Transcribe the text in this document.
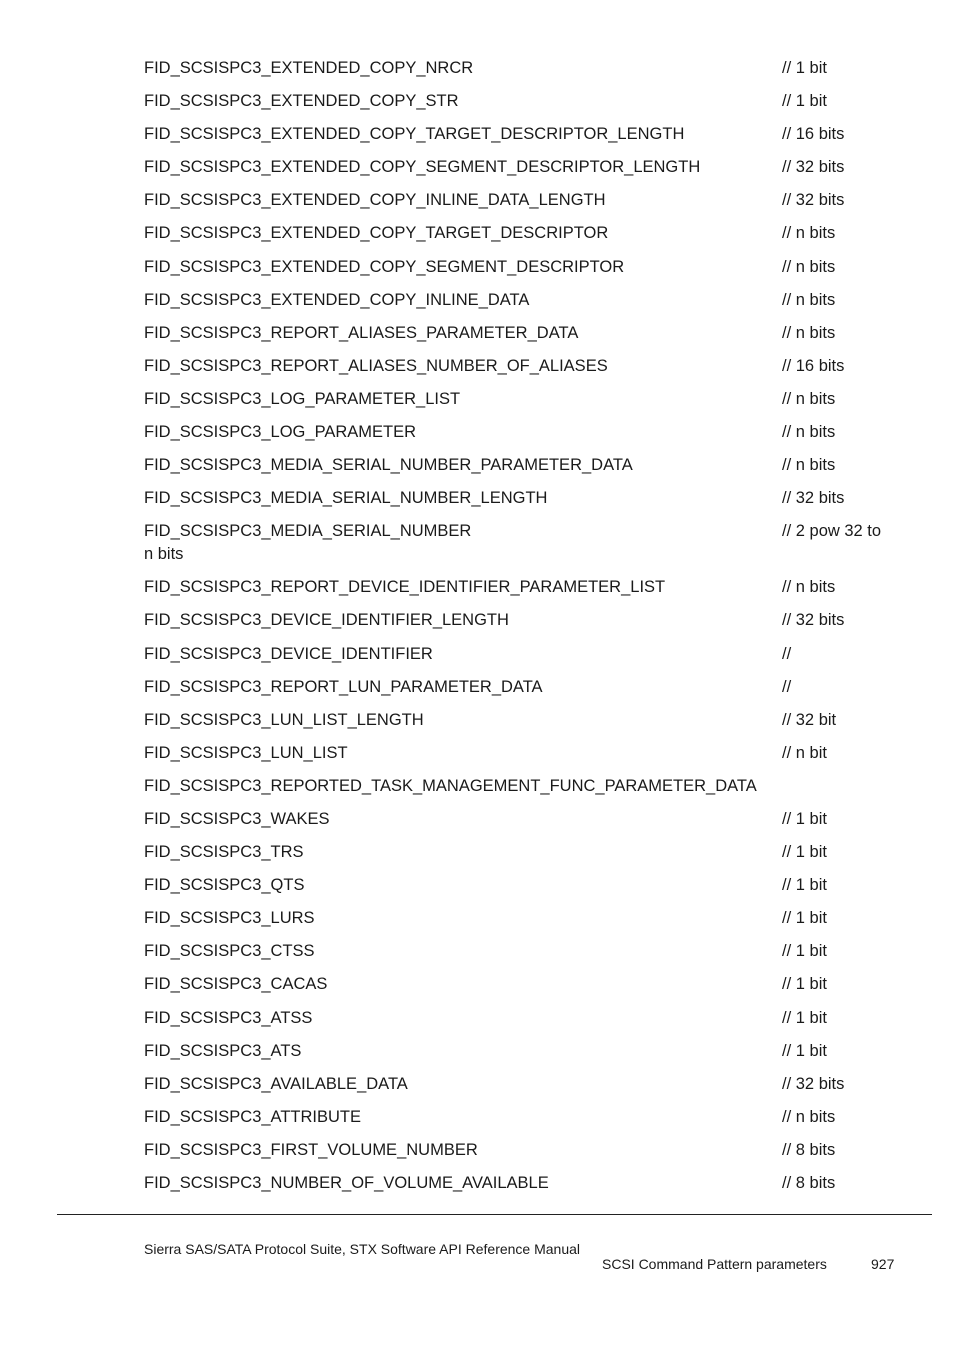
FID_SCSISPC3_EXTENDED_COPY_NRCR	// 1 bit
FID_SCSISPC3_EXTENDED_COPY_STR	// 1 bit
FID_SCSISPC3_EXTENDED_COPY_TARGET_DESCRIPTOR_LENGTH	// 16 bits
FID_SCSISPC3_EXTENDED_COPY_SEGMENT_DESCRIPTOR_LENGTH	// 32 bits
FID_SCSISPC3_EXTENDED_COPY_INLINE_DATA_LENGTH	// 32 bits
FID_SCSISPC3_EXTENDED_COPY_TARGET_DESCRIPTOR	// n bits
FID_SCSISPC3_EXTENDED_COPY_SEGMENT_DESCRIPTOR	// n bits
FID_SCSISPC3_EXTENDED_COPY_INLINE_DATA	// n bits
FID_SCSISPC3_REPORT_ALIASES_PARAMETER_DATA	// n bits
FID_SCSISPC3_REPORT_ALIASES_NUMBER_OF_ALIASES	// 16 bits
FID_SCSISPC3_LOG_PARAMETER_LIST	// n bits
FID_SCSISPC3_LOG_PARAMETER	// n bits
FID_SCSISPC3_MEDIA_SERIAL_NUMBER_PARAMETER_DATA	// n bits
FID_SCSISPC3_MEDIA_SERIAL_NUMBER_LENGTH	// 32 bits
FID_SCSISPC3_MEDIA_SERIAL_NUMBER	// 2 pow 32 to
n bits
FID_SCSISPC3_REPORT_DEVICE_IDENTIFIER_PARAMETER_LIST	// n bits
FID_SCSISPC3_DEVICE_IDENTIFIER_LENGTH	// 32 bits
FID_SCSISPC3_DEVICE_IDENTIFIER	//
FID_SCSISPC3_REPORT_LUN_PARAMETER_DATA	//
FID_SCSISPC3_LUN_LIST_LENGTH	// 32 bit
FID_SCSISPC3_LUN_LIST	// n bit
FID_SCSISPC3_REPORTED_TASK_MANAGEMENT_FUNC_PARAMETER_DATA
FID_SCSISPC3_WAKES	// 1 bit
FID_SCSISPC3_TRS	// 1 bit
FID_SCSISPC3_QTS	// 1 bit
FID_SCSISPC3_LURS	// 1 bit
FID_SCSISPC3_CTSS	// 1 bit
FID_SCSISPC3_CACAS	// 1 bit
FID_SCSISPC3_ATSS	// 1 bit
FID_SCSISPC3_ATS	// 1 bit
FID_SCSISPC3_AVAILABLE_DATA	// 32 bits
FID_SCSISPC3_ATTRIBUTE	// n bits
FID_SCSISPC3_FIRST_VOLUME_NUMBER	// 8 bits
FID_SCSISPC3_NUMBER_OF_VOLUME_AVAILABLE	// 8 bits
Sierra SAS/SATA Protocol Suite, STX Software API Reference Manual
SCSI Command Pattern parameters	927
